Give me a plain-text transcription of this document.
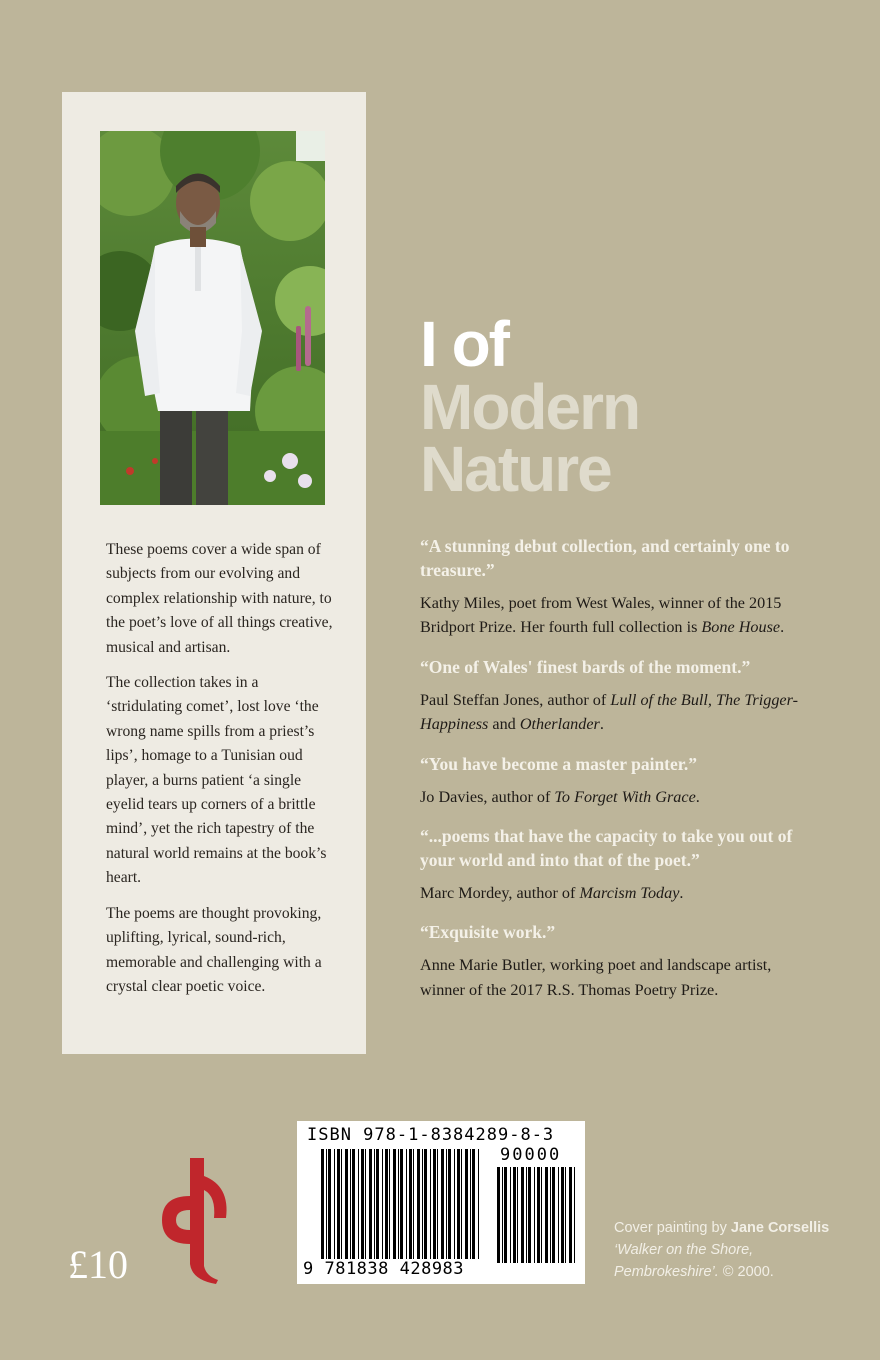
These poems cover a wide span of subjects from our evolving and complex relationship with nature, to the poet’s love of all things creative, musical and artisan.

The collection takes in a ‘stridulating comet’, lost love ‘the wrong name spills from a priest’s lips’, homage to a Tunisian oud player, a burns patient ‘a single eyelid tears up corners of a brittle mind’, yet the rich tapestry of the natural world remains at the book’s heart.

The poems are thought provoking, uplifting, lyrical, sound-rich, memorable and challenging with a crystal clear poetic voice.

I of
Modern
Nature
“A stunning debut collection, and certainly one to treasure.”
Kathy Miles, poet from West Wales, winner of the 2015 Bridport Prize. Her fourth full collection is Bone House.
“One of Wales' finest bards of the moment.”
Paul Steffan Jones, author of Lull of the Bull, The Trigger-Happiness and Otherlander.
“You have become a master painter.”
Jo Davies, author of To Forget With Grace.
“...poems that have the capacity to take you out of your world and into that of the poet.”
Marc Mordey, author of Marcism Today.
“Exquisite work.”
Anne Marie Butler, working poet and landscape artist, winner of the 2017 R.S. Thomas Poetry Prize.
ISBN 978-1-8384289-8-3
90000
9 781838 428983
£10
Cover painting by Jane Corsellis
‘Walker on the Shore, Pembrokeshire’. © 2000.
